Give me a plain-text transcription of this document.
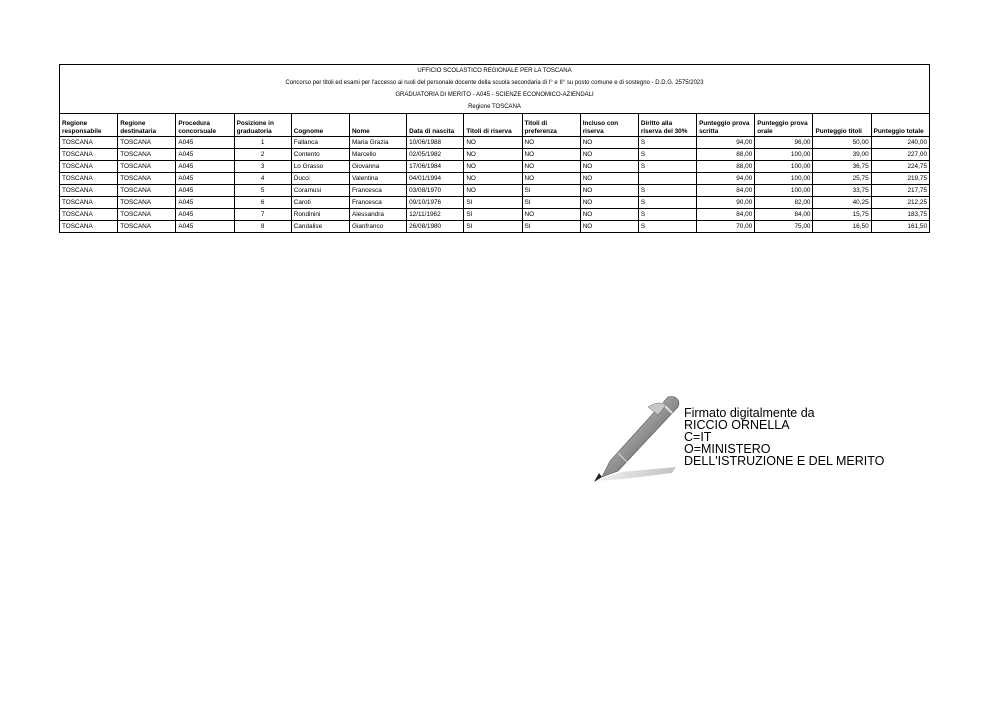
UFFICIO SCOLASTICO REGIONALE PER LA TOSCANA
Concorso per titoli ed esami per l'accesso ai ruoli del personale docente della scuola secondaria di I° e II° su posto comune e di sostegno - D.D.G. 2575/2023
GRADUATORIA DI MERITO - A045 - SCIENZE ECONOMICO-AZIENDALI
Regione TOSCANA
Regione responsabile	Regione destinataria	Procedura concorsuale	Posizione in graduatoria	Cognome	Nome	Data di nascita	Titoli di riserva	Titoli di preferenza	Incluso con riserva	Diritto alla riserva del 30%	Punteggio prova scritta	Punteggio prova orale	Punteggio titoli	Punteggio totale
TOSCANA	TOSCANA	A045	1	Fallanca	Maria Grazia	10/06/1988	NO	NO	NO	S	94,00	96,00	50,00	240,00
TOSCANA	TOSCANA	A045	2	Contento	Marcello	02/05/1982	NO	NO	NO	S	88,00	100,00	39,00	227,00
TOSCANA	TOSCANA	A045	3	Lo Grasso	Giovanna	17/06/1984	NO	NO	NO	S	88,00	100,00	36,75	224,75
TOSCANA	TOSCANA	A045	4	Ducci	Valentina	04/01/1994	NO	NO	NO		94,00	100,00	25,75	219,75
TOSCANA	TOSCANA	A045	5	Coramusi	Francesca	03/08/1970	NO	SI	NO	S	84,00	100,00	33,75	217,75
TOSCANA	TOSCANA	A045	6	Caroti	Francesca	09/10/1976	SI	SI	NO	S	90,00	82,00	40,25	212,25
TOSCANA	TOSCANA	A045	7	Rondinini	Alessandra	12/11/1962	SI	NO	NO	S	84,00	84,00	15,75	183,75
TOSCANA	TOSCANA	A045	8	Candalise	Gianfranco	26/08/1980	SI	SI	NO	S	70,00	75,00	16,50	161,50
Firmato digitalmente da
RICCIO ORNELLA
C=IT
O=MINISTERO
DELL'ISTRUZIONE E DEL MERITO
